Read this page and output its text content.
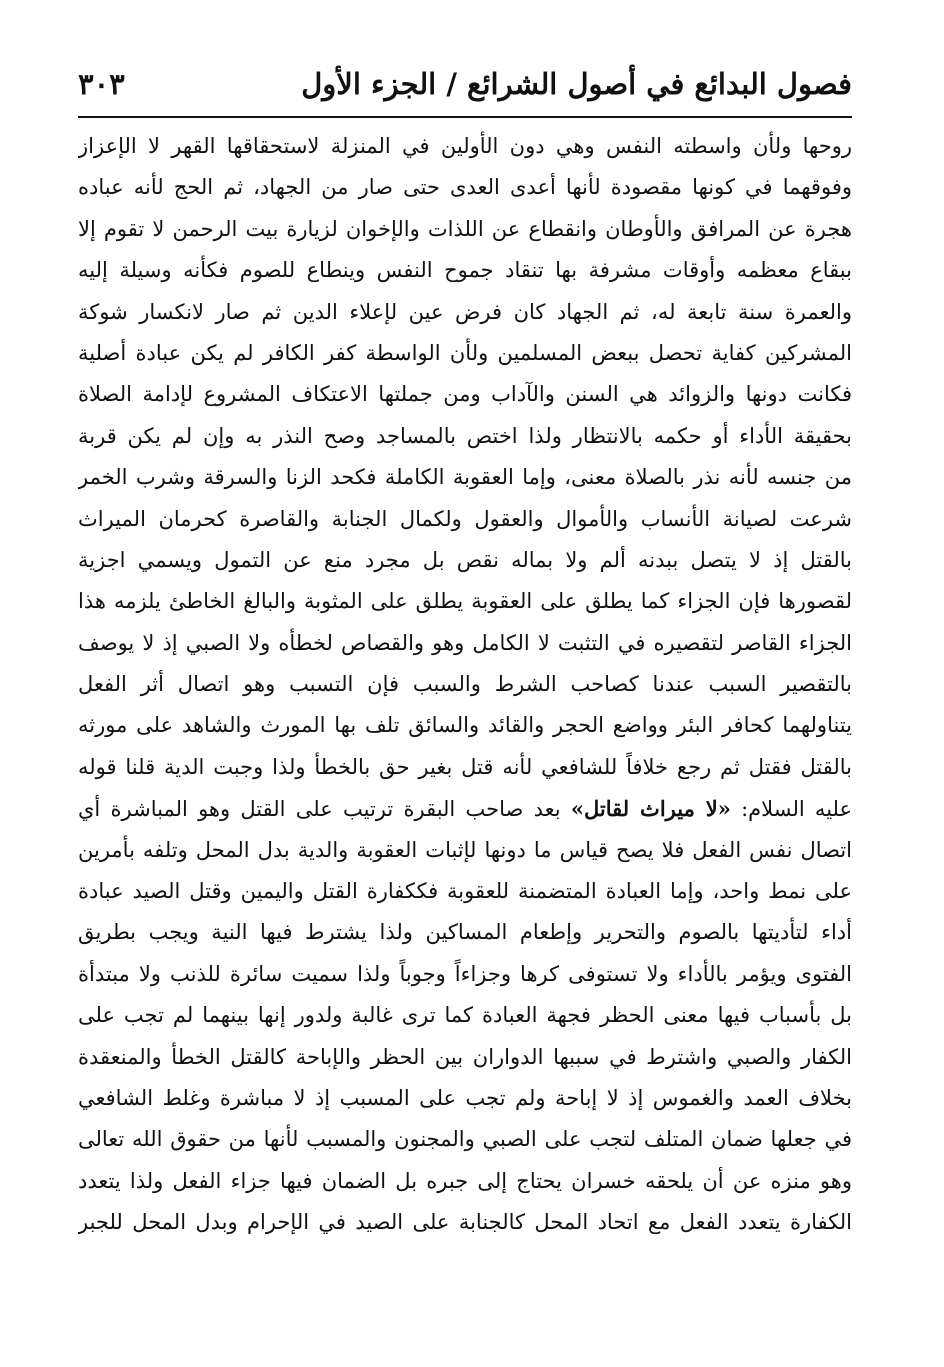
فصول البدائع في أصول الشرائع / الجزء الأول
٣٠٣
روحها ولأن واسطته النفس وهي دون الأولين في المنزلة لاستحقاقها القهر لا الإعزاز
وفوقهما في كونها مقصودة لأنها أعدى العدى حتى صار من الجهاد، ثم الحج لأنه عباده
هجرة عن المرافق والأوطان وانقطاع عن اللذات والإخوان لزيارة بيت الرحمن لا تقوم إلا
ببقاع معظمه وأوقات مشرفة بها تنقاد جموح النفس وينطاع للصوم فكأنه وسيلة إليه
والعمرة سنة تابعة له، ثم الجهاد كان فرض عين لإعلاء الدين ثم صار لانكسار شوكة
المشركين كفاية تحصل ببعض المسلمين ولأن الواسطة كفر الكافر لم يكن عبادة أصلية
فكانت دونها والزوائد هي السنن والآداب ومن جملتها الاعتكاف المشروع لإدامة الصلاة
بحقيقة الأداء أو حكمه بالانتظار ولذا اختص بالمساجد وصح النذر به وإن لم يكن قربة
من جنسه لأنه نذر بالصلاة معنى، وإما العقوبة الكاملة فكحد الزنا والسرقة وشرب الخمر
شرعت لصيانة الأنساب والأموال والعقول ولكمال الجنابة والقاصرة كحرمان الميراث
بالقتل إذ لا يتصل ببدنه ألم ولا بماله نقص بل مجرد منع عن التمول ويسمي اجزية
لقصورها فإن الجزاء كما يطلق على العقوبة يطلق على المثوبة والبالغ الخاطئ يلزمه هذا
الجزاء القاصر لتقصيره في التثبت لا الكامل وهو والقصاص لخطأه ولا الصبي إذ لا يوصف
بالتقصير السبب عندنا كصاحب الشرط والسبب فإن التسبب وهو اتصال أثر الفعل
يتناولهما كحافر البئر وواضع الحجر والقائد والسائق تلف بها المورث والشاهد على مورثه
بالقتل فقتل ثم رجع خلافاً للشافعي لأنه قتل بغير حق بالخطأ ولذا وجبت الدية قلنا قوله
عليه السلام: «لا ميراث لقاتل» بعد صاحب البقرة ترتيب على القتل وهو المباشرة أي
اتصال نفس الفعل فلا يصح قياس ما دونها لإثبات العقوبة والدية بدل المحل وتلفه بأمرين
على نمط واحد، وإما العبادة المتضمنة للعقوبة فككفارة القتل واليمين وقتل الصيد عبادة
أداء لتأديتها بالصوم والتحرير وإطعام المساكين ولذا يشترط فيها النية ويجب بطريق
الفتوى ويؤمر بالأداء ولا تستوفى كرها وجزاءاً وجوباً ولذا سميت سائرة للذنب ولا مبتدأة
بل بأسباب فيها معنى الحظر فجهة العبادة كما ترى غالبة ولدور إنها بينهما لم تجب على
الكفار والصبي واشترط في سببها الدواران بين الحظر والإباحة كالقتل الخطأ والمنعقدة
بخلاف العمد والغموس إذ لا إباحة ولم تجب على المسبب إذ لا مباشرة وغلط الشافعي
في جعلها ضمان المتلف لتجب على الصبي والمجنون والمسبب لأنها من حقوق الله تعالى
وهو منزه عن أن يلحقه خسران يحتاج إلى جبره بل الضمان فيها جزاء الفعل ولذا يتعدد
الكفارة يتعدد الفعل مع اتحاد المحل كالجنابة على الصيد في الإحرام وبدل المحل للجبر
